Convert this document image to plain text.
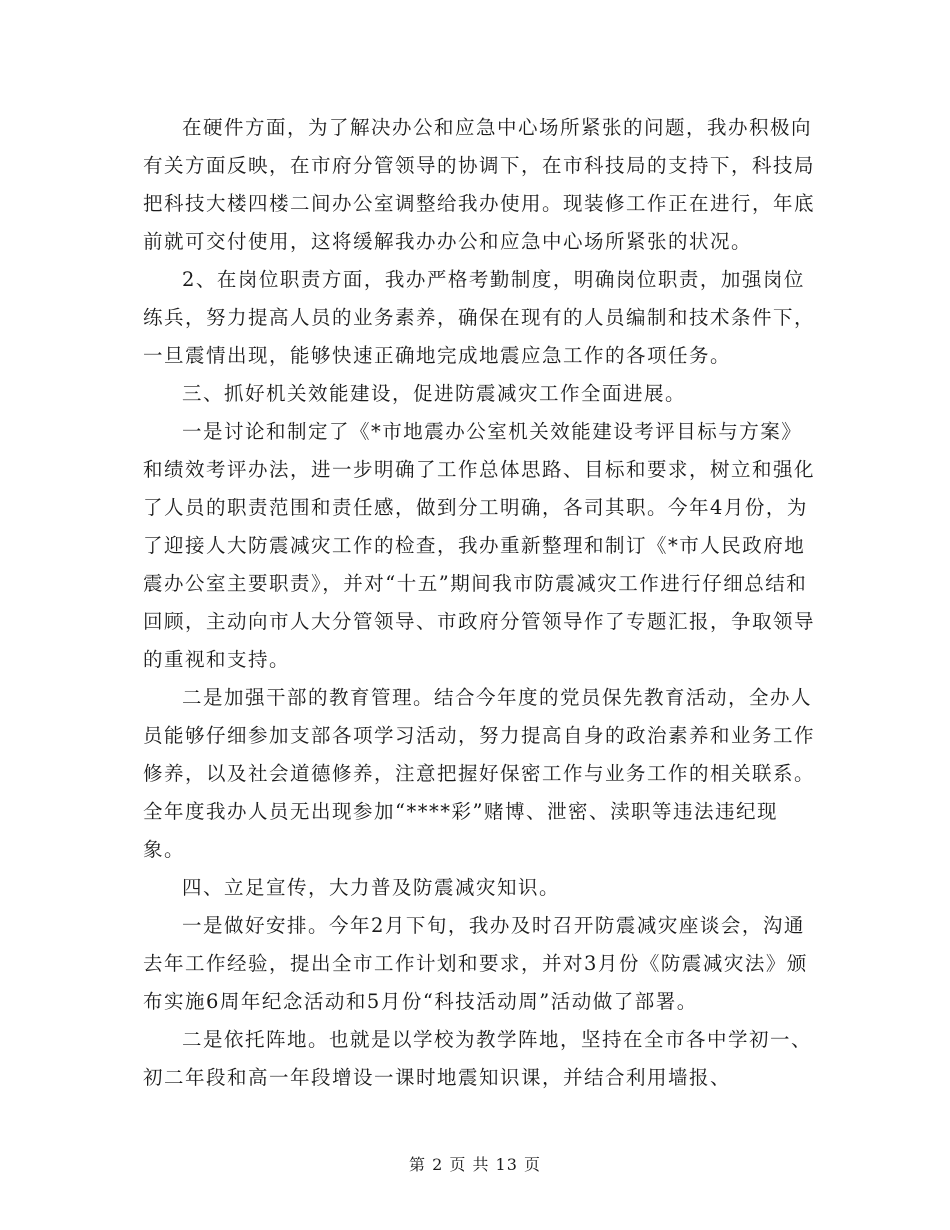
在硬件方面，为了解决办公和应急中心场所紧张的问题，我办积极向有关方面反映，在市府分管领导的协调下，在市科技局的支持下，科技局把科技大楼四楼二间办公室调整给我办使用。现装修工作正在进行，年底前就可交付使用，这将缓解我办办公和应急中心场所紧张的状况。

2、在岗位职责方面，我办严格考勤制度，明确岗位职责，加强岗位练兵，努力提高人员的业务素养，确保在现有的人员编制和技术条件下，一旦震情出现，能够快速正确地完成地震应急工作的各项任务。

三、抓好机关效能建设，促进防震减灾工作全面进展。

一是讨论和制定了《*市地震办公室机关效能建设考评目标与方案》和绩效考评办法，进一步明确了工作总体思路、目标和要求，树立和强化了人员的职责范围和责任感，做到分工明确，各司其职。今年4月份，为了迎接人大防震减灾工作的检查，我办重新整理和制订《*市人民政府地震办公室主要职责》，并对“十五”期间我市防震减灾工作进行仔细总结和回顾，主动向市人大分管领导、市政府分管领导作了专题汇报，争取领导的重视和支持。

二是加强干部的教育管理。结合今年度的党员保先教育活动，全办人员能够仔细参加支部各项学习活动，努力提高自身的政治素养和业务工作修养，以及社会道德修养，注意把握好保密工作与业务工作的相关联系。全年度我办人员无出现参加“****彩”赌博、泄密、渎职等违法违纪现象。

四、立足宣传，大力普及防震减灾知识。

一是做好安排。今年2月下旬，我办及时召开防震减灾座谈会，沟通去年工作经验，提出全市工作计划和要求，并对3月份《防震减灾法》颁布实施6周年纪念活动和5月份“科技活动周”活动做了部署。

二是依托阵地。也就是以学校为教学阵地，坚持在全市各中学初一、初二年段和高一年段增设一课时地震知识课，并结合利用墙报、

第 2 页 共 13 页
